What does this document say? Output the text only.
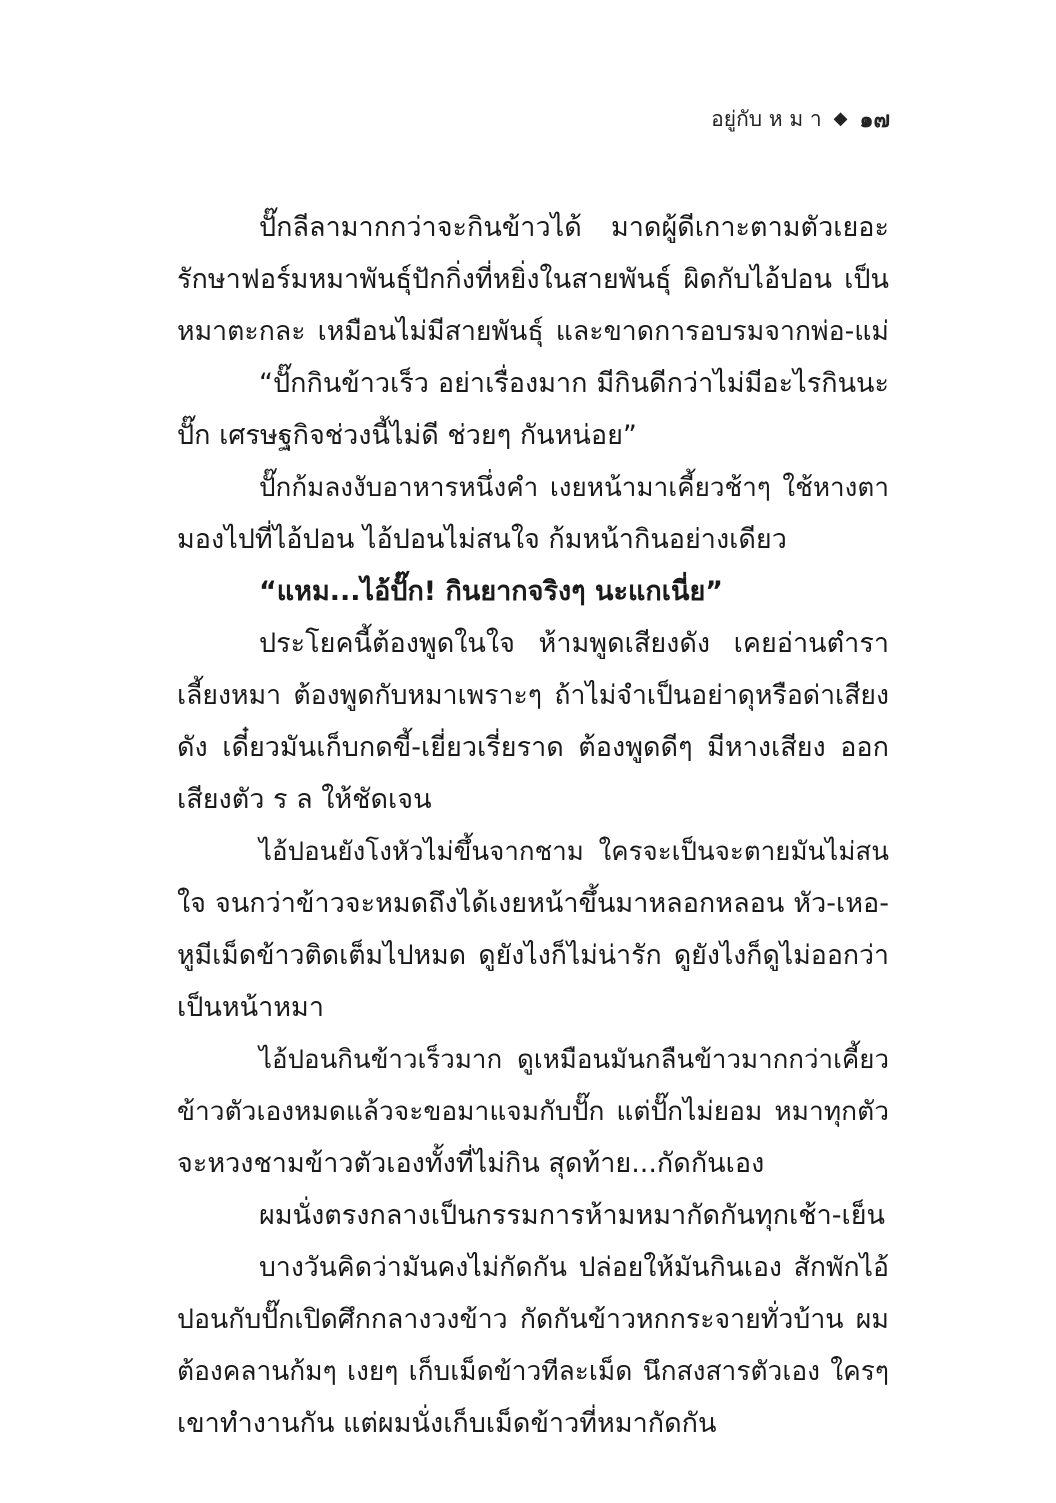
อยู่กับ ห ม า ◆ ๑๗
ปั๊กลีลามากกว่าจะกินข้าวได้ มาดผู้ดีเกาะตามตัวเยอะ
รักษาฟอร์มหมาพันธุ์ปักกิ่งที่หยิ่งในสายพันธุ์ ผิดกับไอ้ปอน เป็น
หมาตะกละ เหมือนไม่มีสายพันธุ์ และขาดการอบรมจากพ่อ-แม่
“ปั๊กกินข้าวเร็ว อย่าเรื่องมาก มีกินดีกว่าไม่มีอะไรกินนะ
ปั๊ก เศรษฐกิจช่วงนี้ไม่ดี ช่วยๆ กันหน่อย”
ปั๊กก้มลงงับอาหารหนึ่งคำ เงยหน้ามาเคี้ยวช้าๆ ใช้หางตา
มองไปที่ไอ้ปอน ไอ้ปอนไม่สนใจ ก้มหน้ากินอย่างเดียว
“แหม...ไอ้ปั๊ก! กินยากจริงๆ นะแกเนี่ย”
ประโยคนี้ต้องพูดในใจ ห้ามพูดเสียงดัง เคยอ่านตำรา
เลี้ยงหมา ต้องพูดกับหมาเพราะๆ ถ้าไม่จำเป็นอย่าดุหรือด่าเสียง
ดัง เดี๋ยวมันเก็บกดขี้-เยี่ยวเรี่ยราด ต้องพูดดีๆ มีหางเสียง ออก
เสียงตัว ร ล ให้ชัดเจน
ไอ้ปอนยังโงหัวไม่ขึ้นจากชาม ใครจะเป็นจะตายมันไม่สน
ใจ จนกว่าข้าวจะหมดถึงได้เงยหน้าขึ้นมาหลอกหลอน หัว-เหอ-
หูมีเม็ดข้าวติดเต็มไปหมด ดูยังไงก็ไม่น่ารัก ดูยังไงก็ดูไม่ออกว่า
เป็นหน้าหมา
ไอ้ปอนกินข้าวเร็วมาก ดูเหมือนมันกลืนข้าวมากกว่าเคี้ยว
ข้าวตัวเองหมดแล้วจะขอมาแจมกับปั๊ก แต่ปั๊กไม่ยอม หมาทุกตัว
จะหวงชามข้าวตัวเองทั้งที่ไม่กิน สุดท้าย...กัดกันเอง
ผมนั่งตรงกลางเป็นกรรมการห้ามหมากัดกันทุกเช้า-เย็น
บางวันคิดว่ามันคงไม่กัดกัน ปล่อยให้มันกินเอง สักพักไอ้
ปอนกับปั๊กเปิดศึกกลางวงข้าว กัดกันข้าวหกกระจายทั่วบ้าน ผม
ต้องคลานก้มๆ เงยๆ เก็บเม็ดข้าวทีละเม็ด นึกสงสารตัวเอง ใครๆ
เขาทำงานกัน แต่ผมนั่งเก็บเม็ดข้าวที่หมากัดกัน
